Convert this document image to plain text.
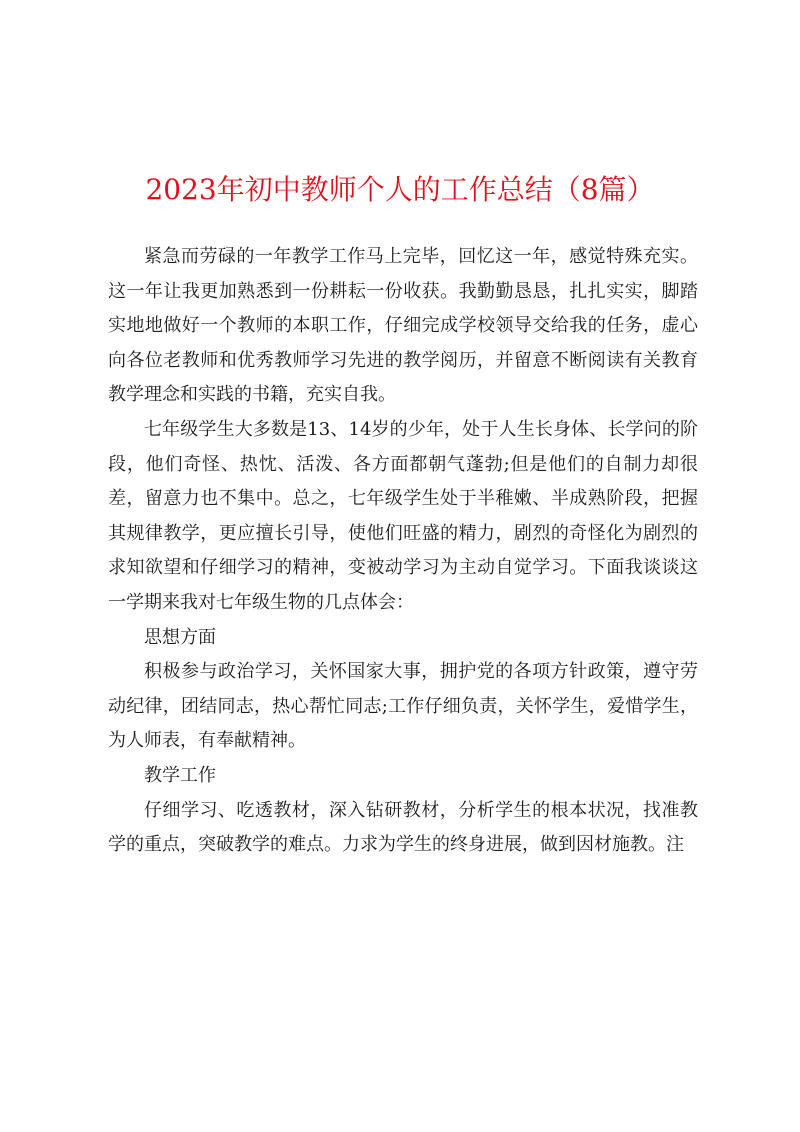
2023年初中教师个人的工作总结（8篇）

紧急而劳碌的一年教学工作马上完毕，回忆这一年，感觉特殊充实。这一年让我更加熟悉到一份耕耘一份收获。我勤勤恳恳，扎扎实实，脚踏实地地做好一个教师的本职工作，仔细完成学校领导交给我的任务，虚心向各位老教师和优秀教师学习先进的教学阅历，并留意不断阅读有关教育教学理念和实践的书籍，充实自我。

七年级学生大多数是13、14岁的少年，处于人生长身体、长学问的阶段，他们奇怪、热忱、活泼、各方面都朝气蓬勃;但是他们的自制力却很差，留意力也不集中。总之，七年级学生处于半稚嫩、半成熟阶段，把握其规律教学，更应擅长引导，使他们旺盛的精力，剧烈的奇怪化为剧烈的求知欲望和仔细学习的精神，变被动学习为主动自觉学习。下面我谈谈这一学期来我对七年级生物的几点体会：

思想方面

积极参与政治学习，关怀国家大事，拥护党的各项方针政策，遵守劳动纪律，团结同志，热心帮忙同志;工作仔细负责，关怀学生，爱惜学生，为人师表，有奉献精神。

教学工作

仔细学习、吃透教材，深入钻研教材，分析学生的根本状况，找准教学的重点，突破教学的难点。力求为学生的终身进展，做到因材施教。注
